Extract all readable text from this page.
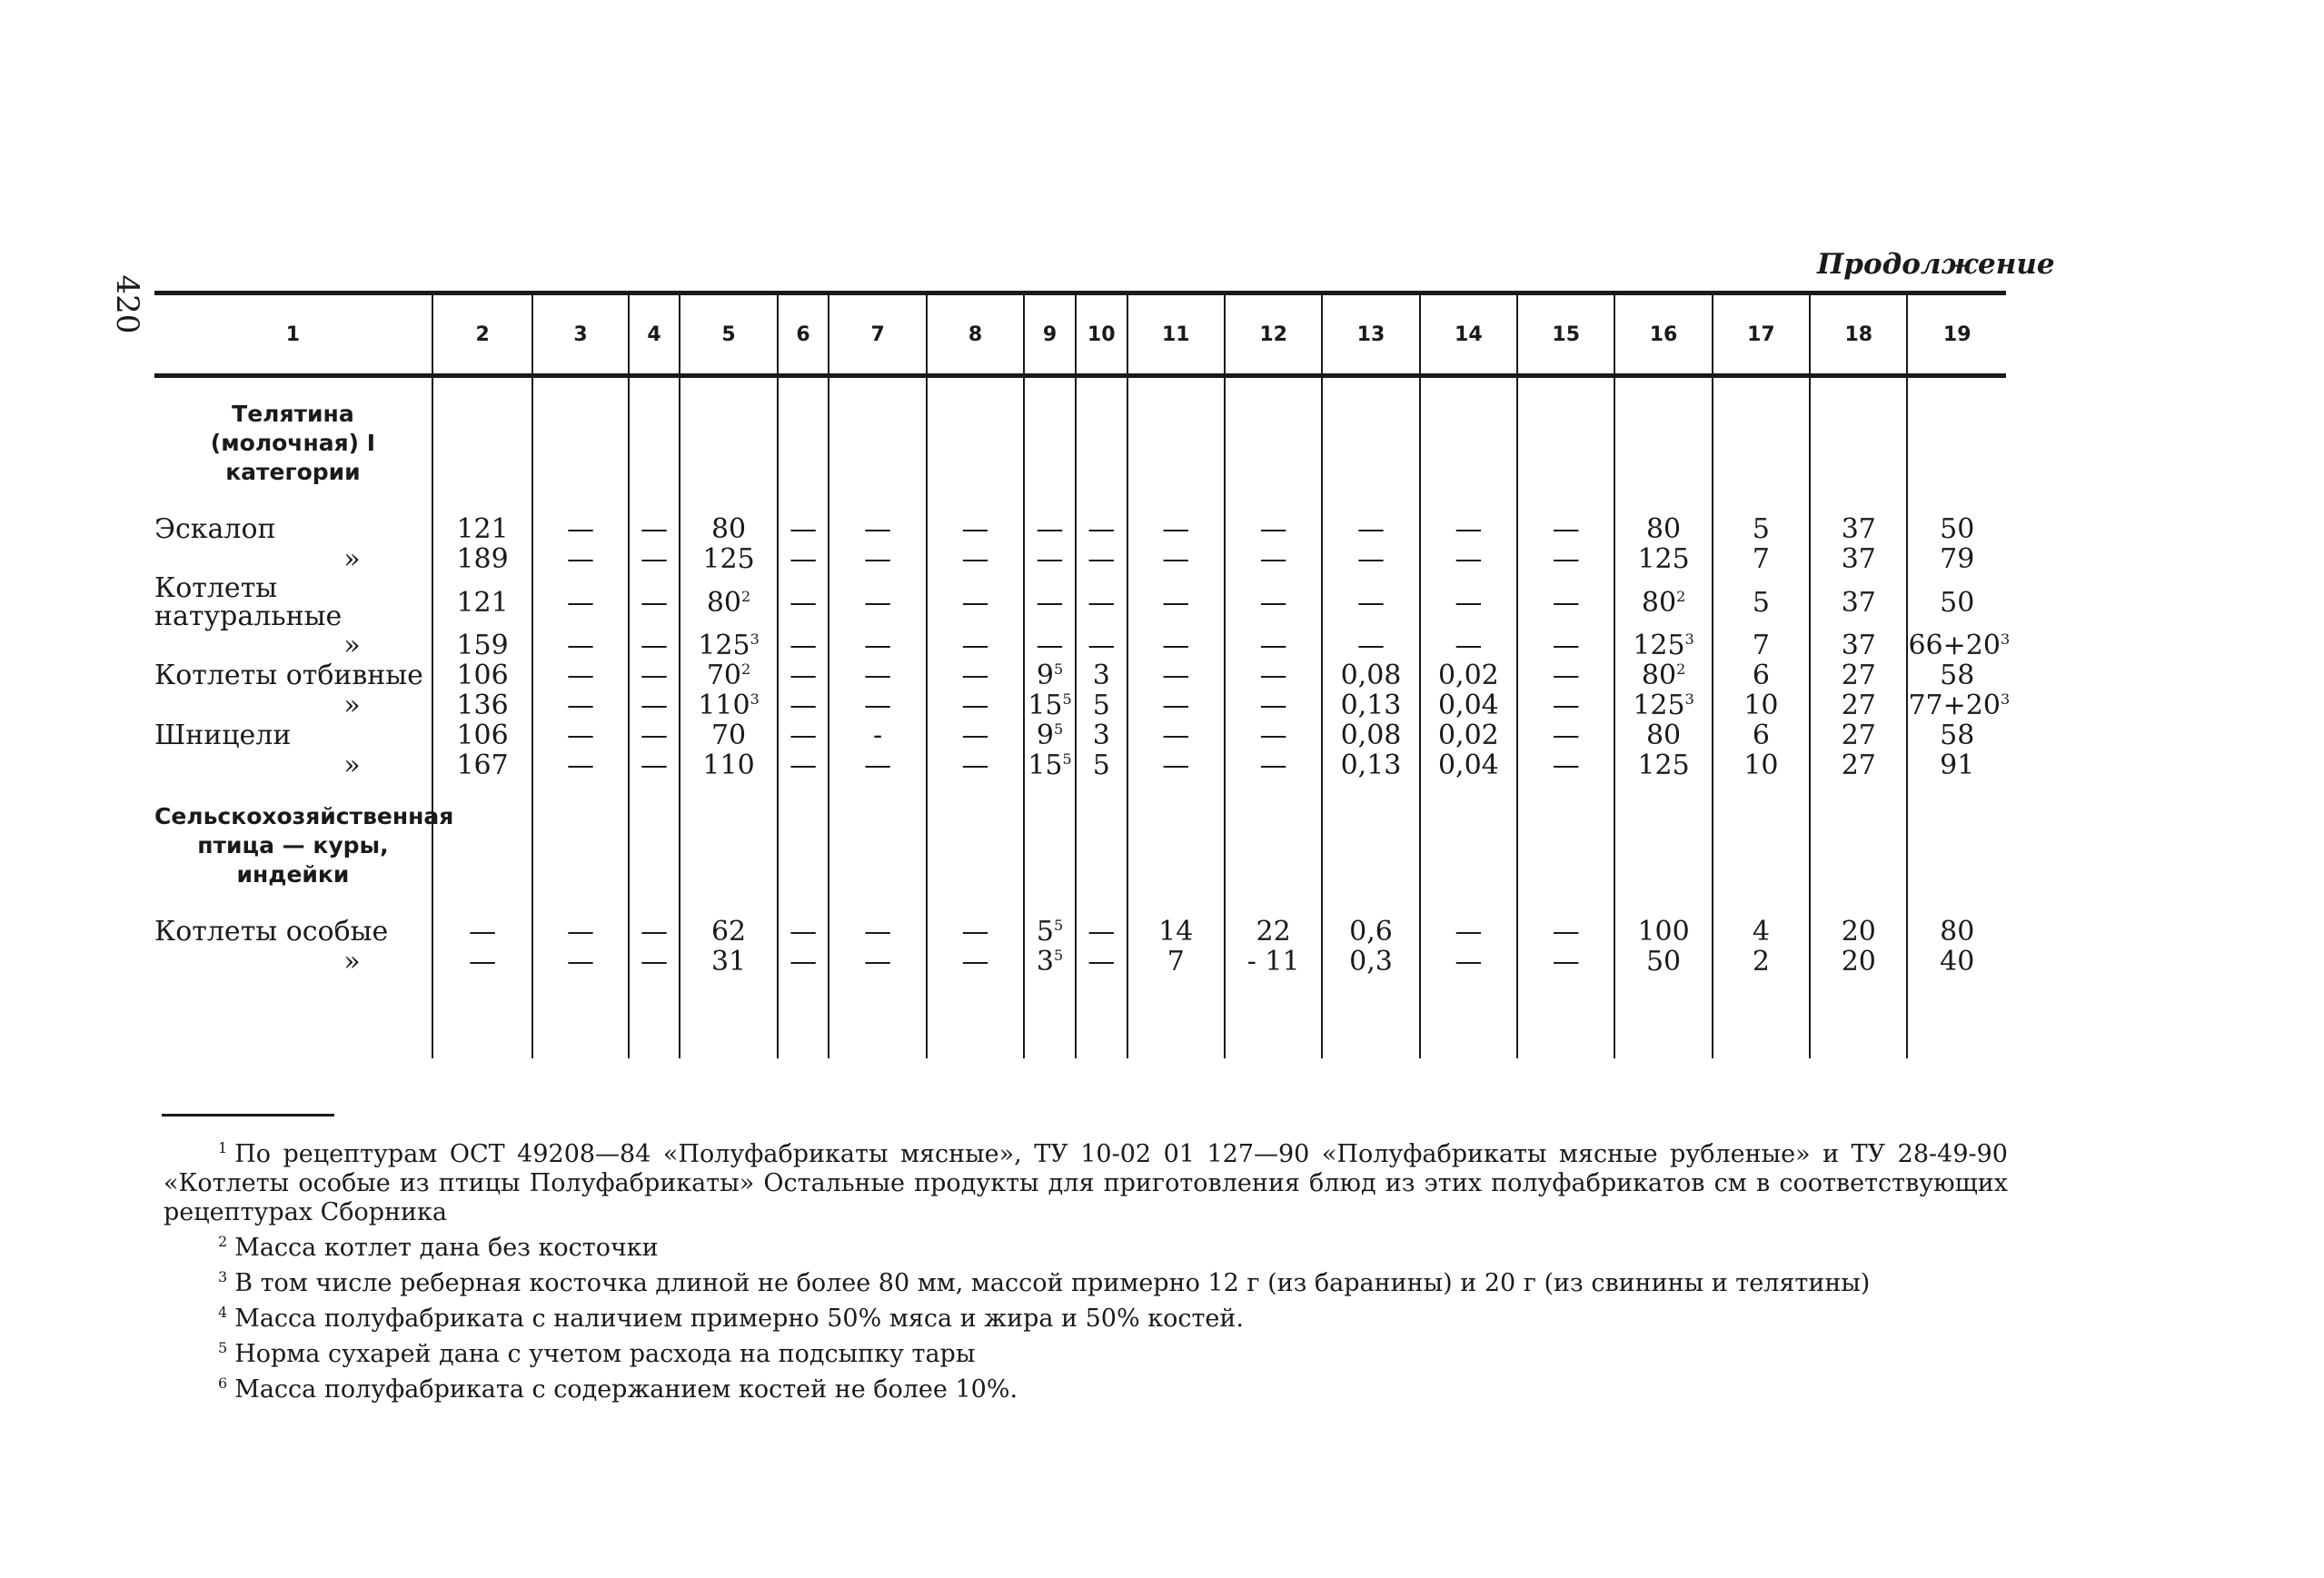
420
Продолжение
1	2	3	4	5	6	7	8	9	10	11	12	13	14	15	16	17	18	19

Телятина (молочная) I категории																		
Эскалоп	121	—	—	80	—	—	—	—	—	—	—	—	—	—	80	5	37	50
»	189	—	—	125	—	—	—	—	—	—	—	—	—	—	125	7	37	79
Котлеты натуральные	121	—	—	$80^2$	—	—	—	—	—	—	—	—	—	—	$80^2$	5	37	50
»	159	—	—	$125^3$	—	—	—	—	—	—	—	—	—	—	$125^3$	7	37	$66+20^3$
Котлеты отбивные	106	—	—	$70^2$	—	—	—	$9^5$	3	—	—	0,08	0,02	—	$80^2$	6	27	58
»	136	—	—	$110^3$	—	—	—	$15^5$	5	—	—	0,13	0,04	—	$125^3$	10	27	$77+20^3$
Шницели	106	—	—	70	—	-	—	$9^5$	3	—	—	0,08	0,02	—	80	6	27	58
»	167	—	—	110	—	—	—	$15^5$	5	—	—	0,13	0,04	—	125	10	27	91

Сельскохозяйственная птица — куры, индейки																		
Котлеты особые	—	—	—	62	—	—	—	$5^5$	—	14	22	0,6	—	—	100	4	20	80
»	—	—	—	31	—	—	—	$3^5$	—	7	- 11	0,3	—	—	50	2	20	40

$^1$ По рецептурам ОСТ 49208—84 «Полуфабрикаты мясные», ТУ 10-02 01 127—90 «Полуфабрикаты мясные рубленые» и ТУ 28-49-90 «Котлеты особые из птицы Полуфабрикаты» Остальные продукты для приготовления блюд из этих полуфабрикатов см в соответствующих рецептурах Сборника

$^2$ Масса котлет дана без косточки

$^3$ В том числе реберная косточка длиной не более 80 мм, массой примерно 12 г (из баранины) и 20 г (из свинины и телятины)

$^4$ Масса полуфабриката с наличием примерно 50% мяса и жира и 50% костей.

$^5$ Норма сухарей дана с учетом расхода на подсыпку тары

$^6$ Масса полуфабриката с содержанием костей не более 10%.
